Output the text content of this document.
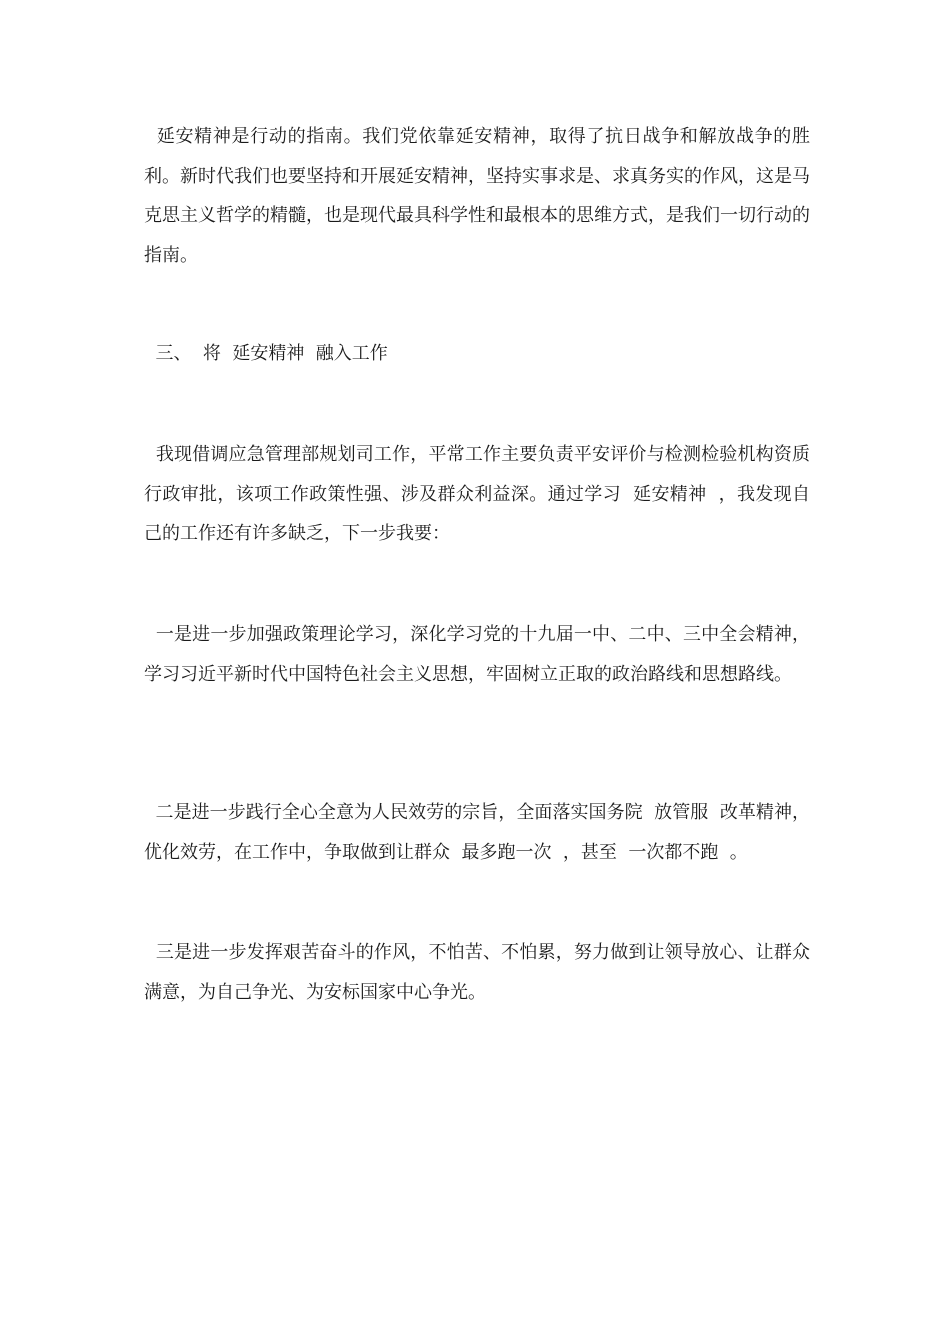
延安精神是行动的指南。我们党依靠延安精神，取得了抗日战争和解放战争的胜利。新时代我们也要坚持和开展延安精神，坚持实事求是、求真务实的作风，这是马克思主义哲学的精髓，也是现代最具科学性和最根本的思维方式，是我们一切行动的指南。

三、  将  延安精神  融入工作

我现借调应急管理部规划司工作，平常工作主要负责平安评价与检测检验机构资质行政审批，该项工作政策性强、涉及群众利益深。通过学习  延安精神  ，我发现自己的工作还有许多缺乏，下一步我要：

一是进一步加强政策理论学习，深化学习党的十九届一中、二中、三中全会精神，学习习近平新时代中国特色社会主义思想，牢固树立正取的政治路线和思想路线。

二是进一步践行全心全意为人民效劳的宗旨，全面落实国务院  放管服  改革精神，优化效劳，在工作中，争取做到让群众  最多跑一次  ，甚至  一次都不跑  。

三是进一步发挥艰苦奋斗的作风，不怕苦、不怕累，努力做到让领导放心、让群众满意，为自己争光、为安标国家中心争光。
